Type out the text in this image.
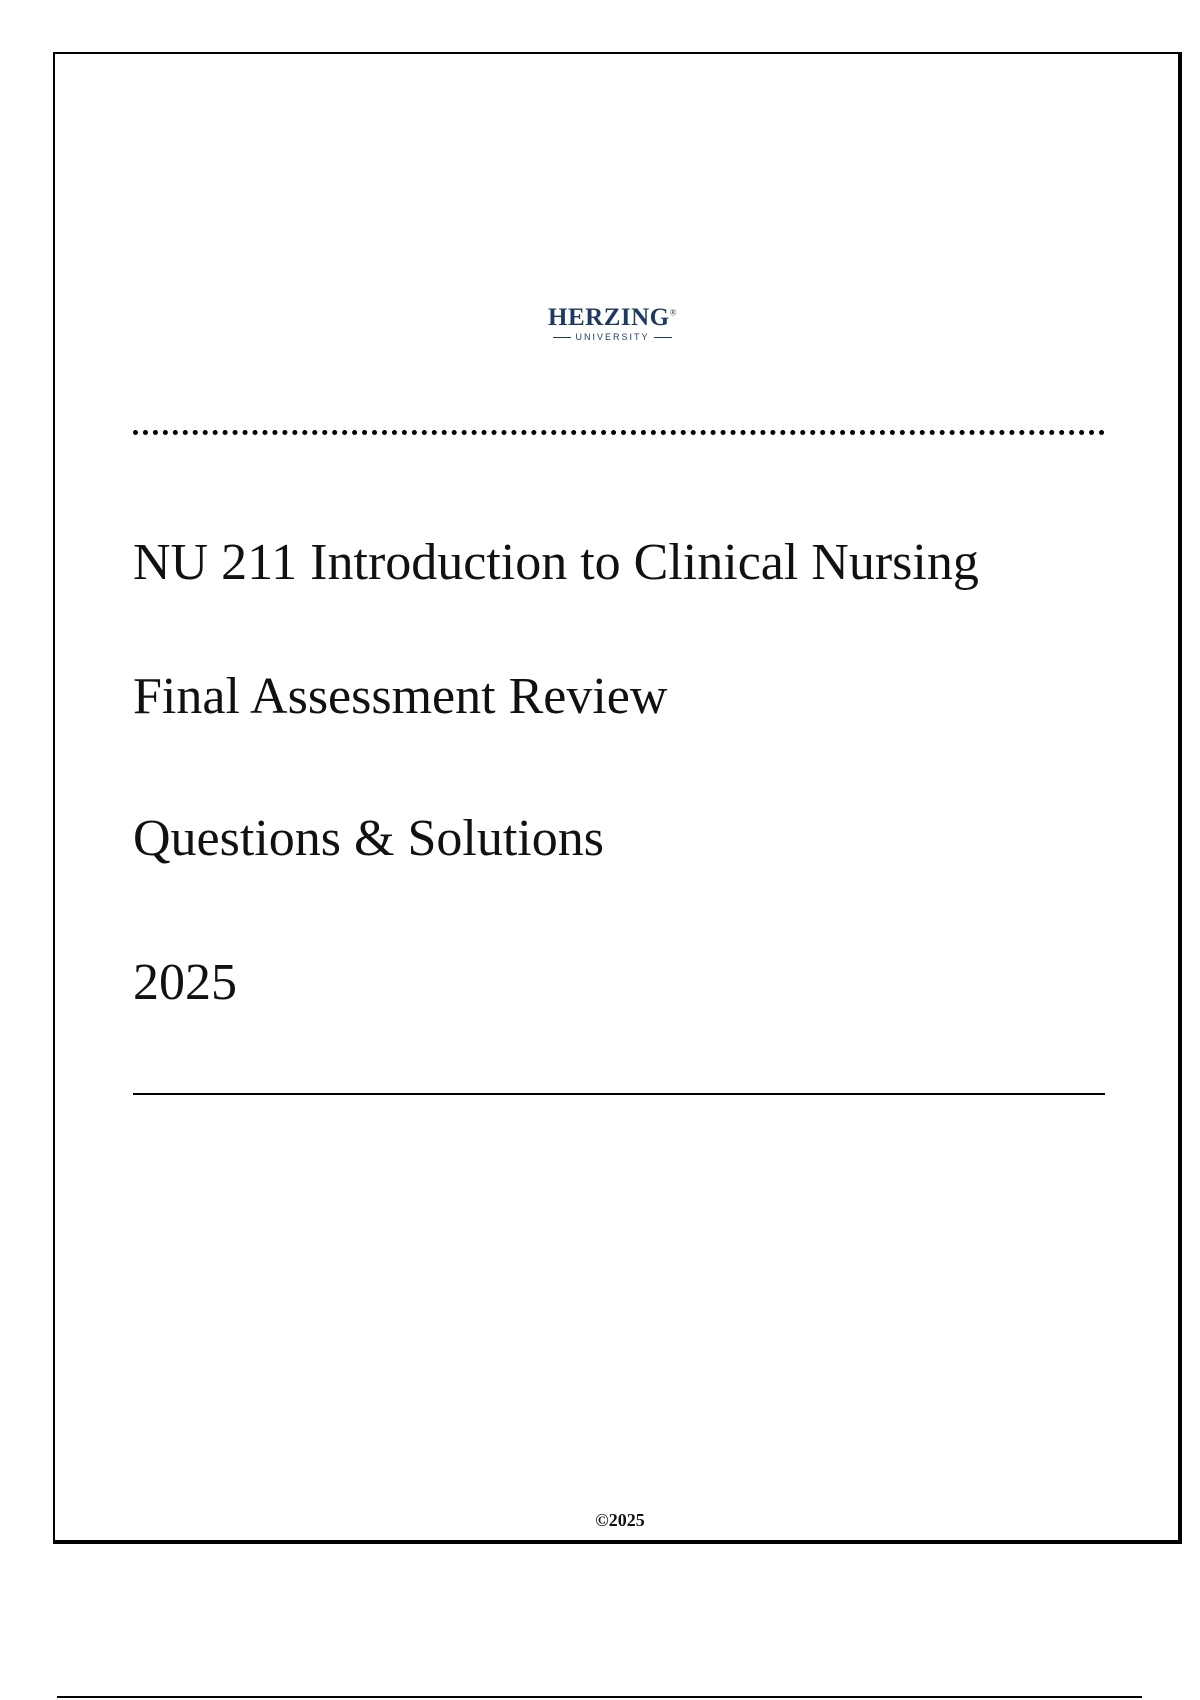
HERZING®
UNIVERSITY
NU 211 Introduction to Clinical Nursing
Final Assessment Review
Questions & Solutions
2025
©2025
